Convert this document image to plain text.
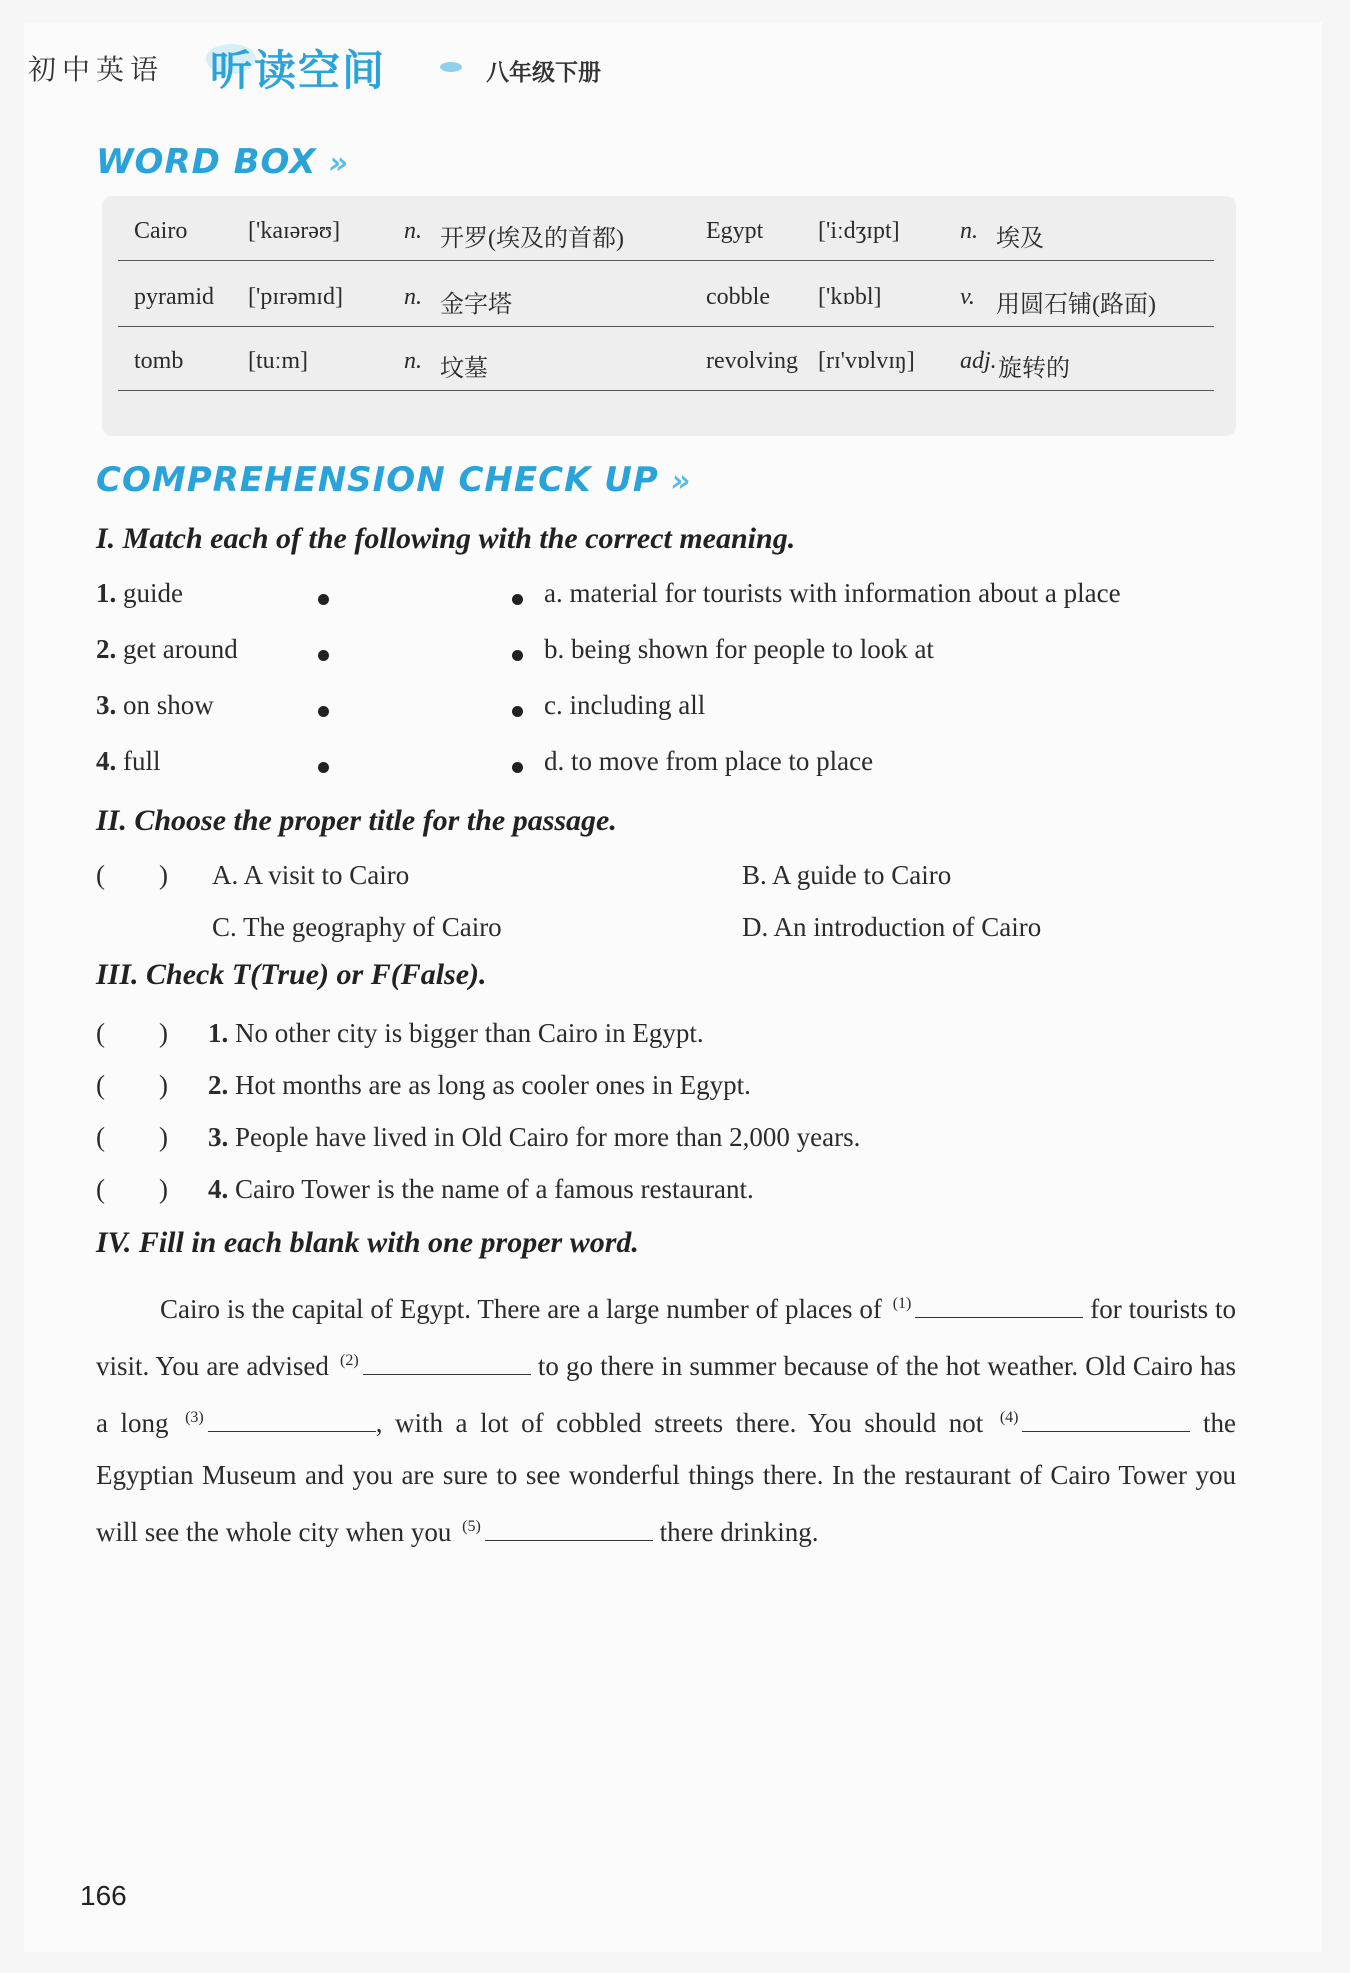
初中英语 听读空间	八年级下册
WORD BOX »
Cairo	['kaɪərəʊ]	n. 开罗(埃及的首都)	Egypt ['iːdʒɪpt]	n. 埃及
pyramid ['pɪrəmɪd]	n. 金字塔	cobble ['kɒbl]	v. 用圆石铺(路面)
tomb	[tuːm]	n. 坟墓	revolving [rɪ'vɒlvɪŋ] adj. 旋转的
COMPREHENSION CHECK UP »
I. Match each of the following with the correct meaning.
1. guide
2. get around
3. on show
4. full
a. material for tourists with information about a place
b. being shown for people to look at
c. including all
d. to move from place to place
II. Choose the proper title for the passage.
(        ) A. A visit to Cairo	B. A guide to Cairo
C. The geography of Cairo	D. An introduction of Cairo
III. Check T(True) or F(False).
(        ) 1. No other city is bigger than Cairo in Egypt.
(        ) 2. Hot months are as long as cooler ones in Egypt.
(        ) 3. People have lived in Old Cairo for more than 2,000 years.
(        ) 4. Cairo Tower is the name of a famous restaurant.
IV. Fill in each blank with one proper word.
Cairo is the capital of Egypt. There are a large number of places of $^{(1)}$	for tourists to visit. You are advised $^{(2)}$	to go there in summer because of the hot weather. Old Cairo has a long $^{(3)}$	, with a lot of cobbled streets there. You should not $^{(4)}$	the Egyptian Museum and you are sure to see wonderful things there. In the restaurant of Cairo Tower you will see the whole city when you $^{(5)}$	there drinking.
166
